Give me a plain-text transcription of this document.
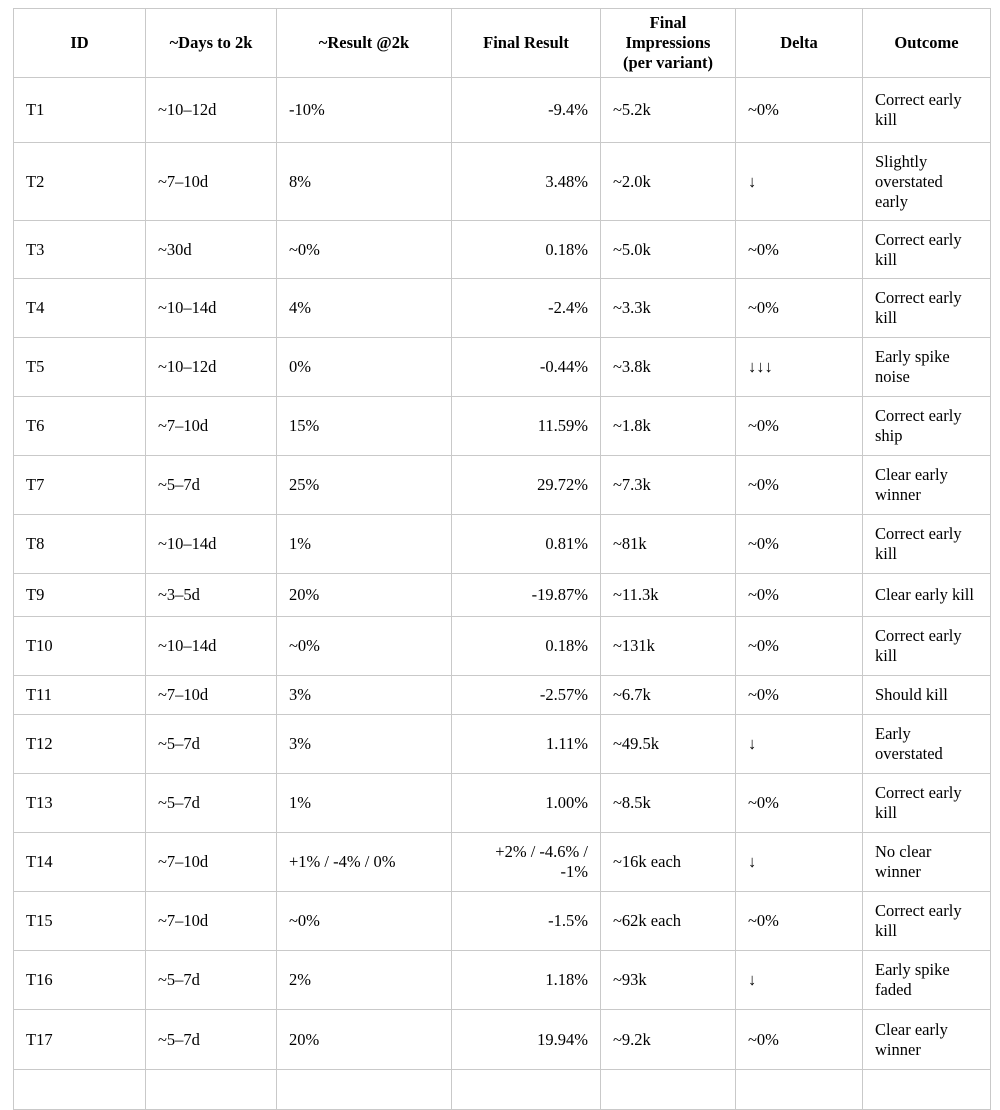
ID	~Days to 2k	~Result @2k	Final Result	Final Impressions (per variant)	Delta	Outcome
T1	~10–12d	-10%	-9.4%	~5.2k	~0%	Correct early kill
T2	~7–10d	8%	3.48%	~2.0k	↓	Slightly overstated early
T3	~30d	~0%	0.18%	~5.0k	~0%	Correct early kill
T4	~10–14d	4%	-2.4%	~3.3k	~0%	Correct early kill
T5	~10–12d	0%	-0.44%	~3.8k	↓↓↓	Early spike noise
T6	~7–10d	15%	11.59%	~1.8k	~0%	Correct early ship
T7	~5–7d	25%	29.72%	~7.3k	~0%	Clear early winner
T8	~10–14d	1%	0.81%	~81k	~0%	Correct early kill
T9	~3–5d	20%	-19.87%	~11.3k	~0%	Clear early kill
T10	~10–14d	~0%	0.18%	~131k	~0%	Correct early kill
T11	~7–10d	3%	-2.57%	~6.7k	~0%	Should kill
T12	~5–7d	3%	1.11%	~49.5k	↓	Early overstated
T13	~5–7d	1%	1.00%	~8.5k	~0%	Correct early kill
T14	~7–10d	+1% / -4% / 0%	+2% / -4.6% / -1%	~16k each	↓	No clear winner
T15	~7–10d	~0%	-1.5%	~62k each	~0%	Correct early kill
T16	~5–7d	2%	1.18%	~93k	↓	Early spike faded
T17	~5–7d	20%	19.94%	~9.2k	~0%	Clear early winner
